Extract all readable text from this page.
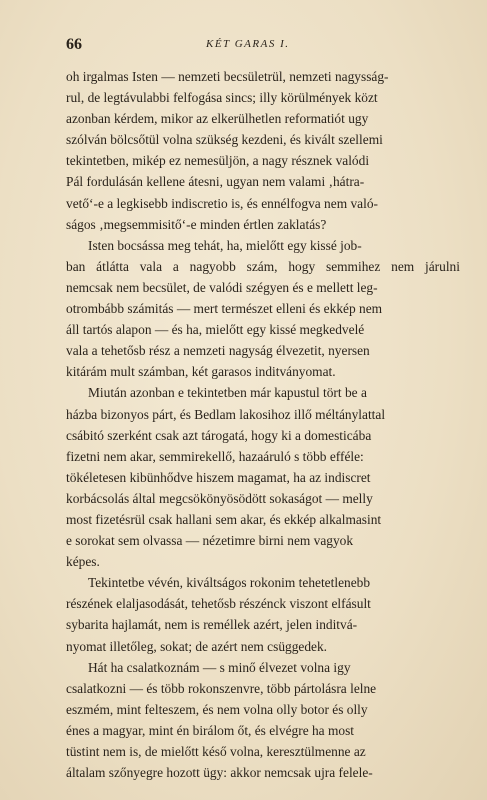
66	KÉT GARAS I.
oh irgalmas Isten — nemzeti becsületrül, nemzeti nagysság-
rul, de legtávulabbi felfogása sincs; illy körülmények közt
azonban kérdem, mikor az elkerülhetlen reformatiót ugy
szólván bölcsőtül volna szükség kezdeni, és kivált szellemi
tekintetben, mikép ez nemesüljön, a nagy résznek valódi
Pál fordulásán kellene átesni, ugyan nem valami ‚hátra-
vető‘-e a legkisebb indiscretio is, és ennélfogva nem való-
ságos ‚megsemmisitő‘-e minden értlen zaklatás?
Isten bocsássa meg tehát, ha, mielőtt egy kissé job-
ban átlátta vala a nagyobb szám, hogy semmihez nem járulni
nemcsak nem becsület, de valódi szégyen és e mellett leg-
otrombább számitás — mert természet elleni és ekkép nem
áll tartós alapon — és ha, mielőtt egy kissé megkedvelé
vala a tehetősb rész a nemzeti nagyság élvezetit, nyersen
kitárám mult számban, két garasos inditványomat.
Miután azonban e tekintetben már kapustul tört be a
házba bizonyos párt, és Bedlam lakosihoz illő méltánylattal
csábitó szerként csak azt tárogatá, hogy ki a domesticába
fizetni nem akar, semmirekellő, hazaáruló s több efféle:
tökéletesen kibünhődve hiszem magamat, ha az indiscret
korbácsolás által megcsökönyösödött sokaságot — melly
most fizetésrül csak hallani sem akar, és ekkép alkalmasint
e sorokat sem olvassa — nézetimre birni nem vagyok
képes.
Tekintetbe vévén, kiváltságos rokonim tehetetlenebb
részének elaljasodását, tehetősb részénck viszont elfásult
sybarita hajlamát, nem is reméllek azért, jelen inditvá-
nyomat illetőleg, sokat; de azért nem csüggedek.
Hát ha csalatkoznám — s minő élvezet volna igy
csalatkozni — és több rokonszenvre, több pártolásra lelne
eszmém, mint felteszem, és nem volna olly botor és olly
énes a magyar, mint én birálom őt, és elvégre ha most
tüstint nem is, de mielőtt késő volna, keresztülmenne az
általam szőnyegre hozott ügy: akkor nemcsak ujra felele-
